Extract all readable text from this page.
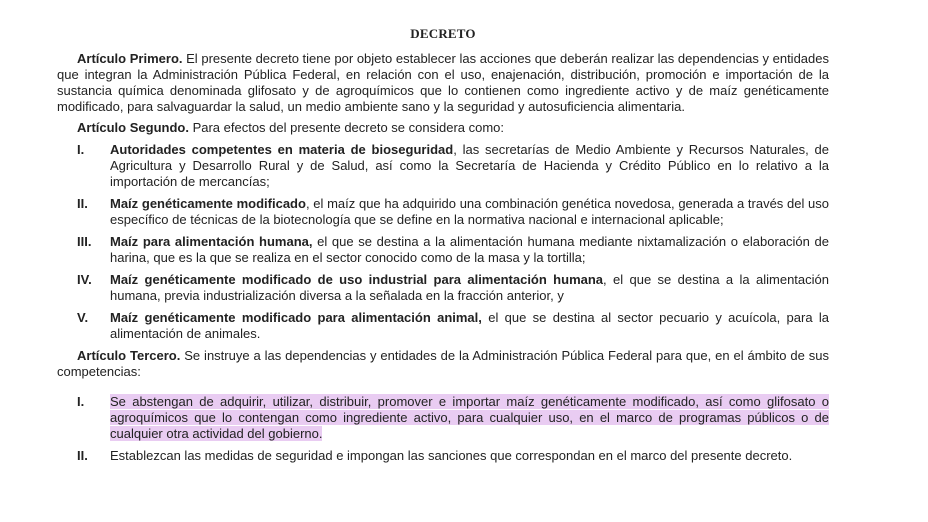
DECRETO

Artículo Primero. El presente decreto tiene por objeto establecer las acciones que deberán realizar las dependencias y entidades que integran la Administración Pública Federal, en relación con el uso, enajenación, distribución, promoción e importación de la sustancia química denominada glifosato y de agroquímicos que lo contienen como ingrediente activo y de maíz genéticamente modificado, para salvaguardar la salud, un medio ambiente sano y la seguridad y autosuficiencia alimentaria.

Artículo Segundo. Para efectos del presente decreto se considera como:

I.	Autoridades competentes en materia de bioseguridad, las secretarías de Medio Ambiente y Recursos Naturales, de Agricultura y Desarrollo Rural y de Salud, así como la Secretaría de Hacienda y Crédito Público en lo relativo a la importación de mercancías;
II.	Maíz genéticamente modificado, el maíz que ha adquirido una combinación genética novedosa, generada a través del uso específico de técnicas de la biotecnología que se define en la normativa nacional e internacional aplicable;
III.	Maíz para alimentación humana, el que se destina a la alimentación humana mediante nixtamalización o elaboración de harina, que es la que se realiza en el sector conocido como de la masa y la tortilla;
IV.	Maíz genéticamente modificado de uso industrial para alimentación humana, el que se destina a la alimentación humana, previa industrialización diversa a la señalada en la fracción anterior, y
V.	Maíz genéticamente modificado para alimentación animal, el que se destina al sector pecuario y acuícola, para la alimentación de animales.

Artículo Tercero. Se instruye a las dependencias y entidades de la Administración Pública Federal para que, en el ámbito de sus competencias:

I.	Se abstengan de adquirir, utilizar, distribuir, promover e importar maíz genéticamente modificado, así como glifosato o agroquímicos que lo contengan como ingrediente activo, para cualquier uso, en el marco de programas públicos o de cualquier otra actividad del gobierno.
II.	Establezcan las medidas de seguridad e impongan las sanciones que correspondan en el marco del presente decreto.
